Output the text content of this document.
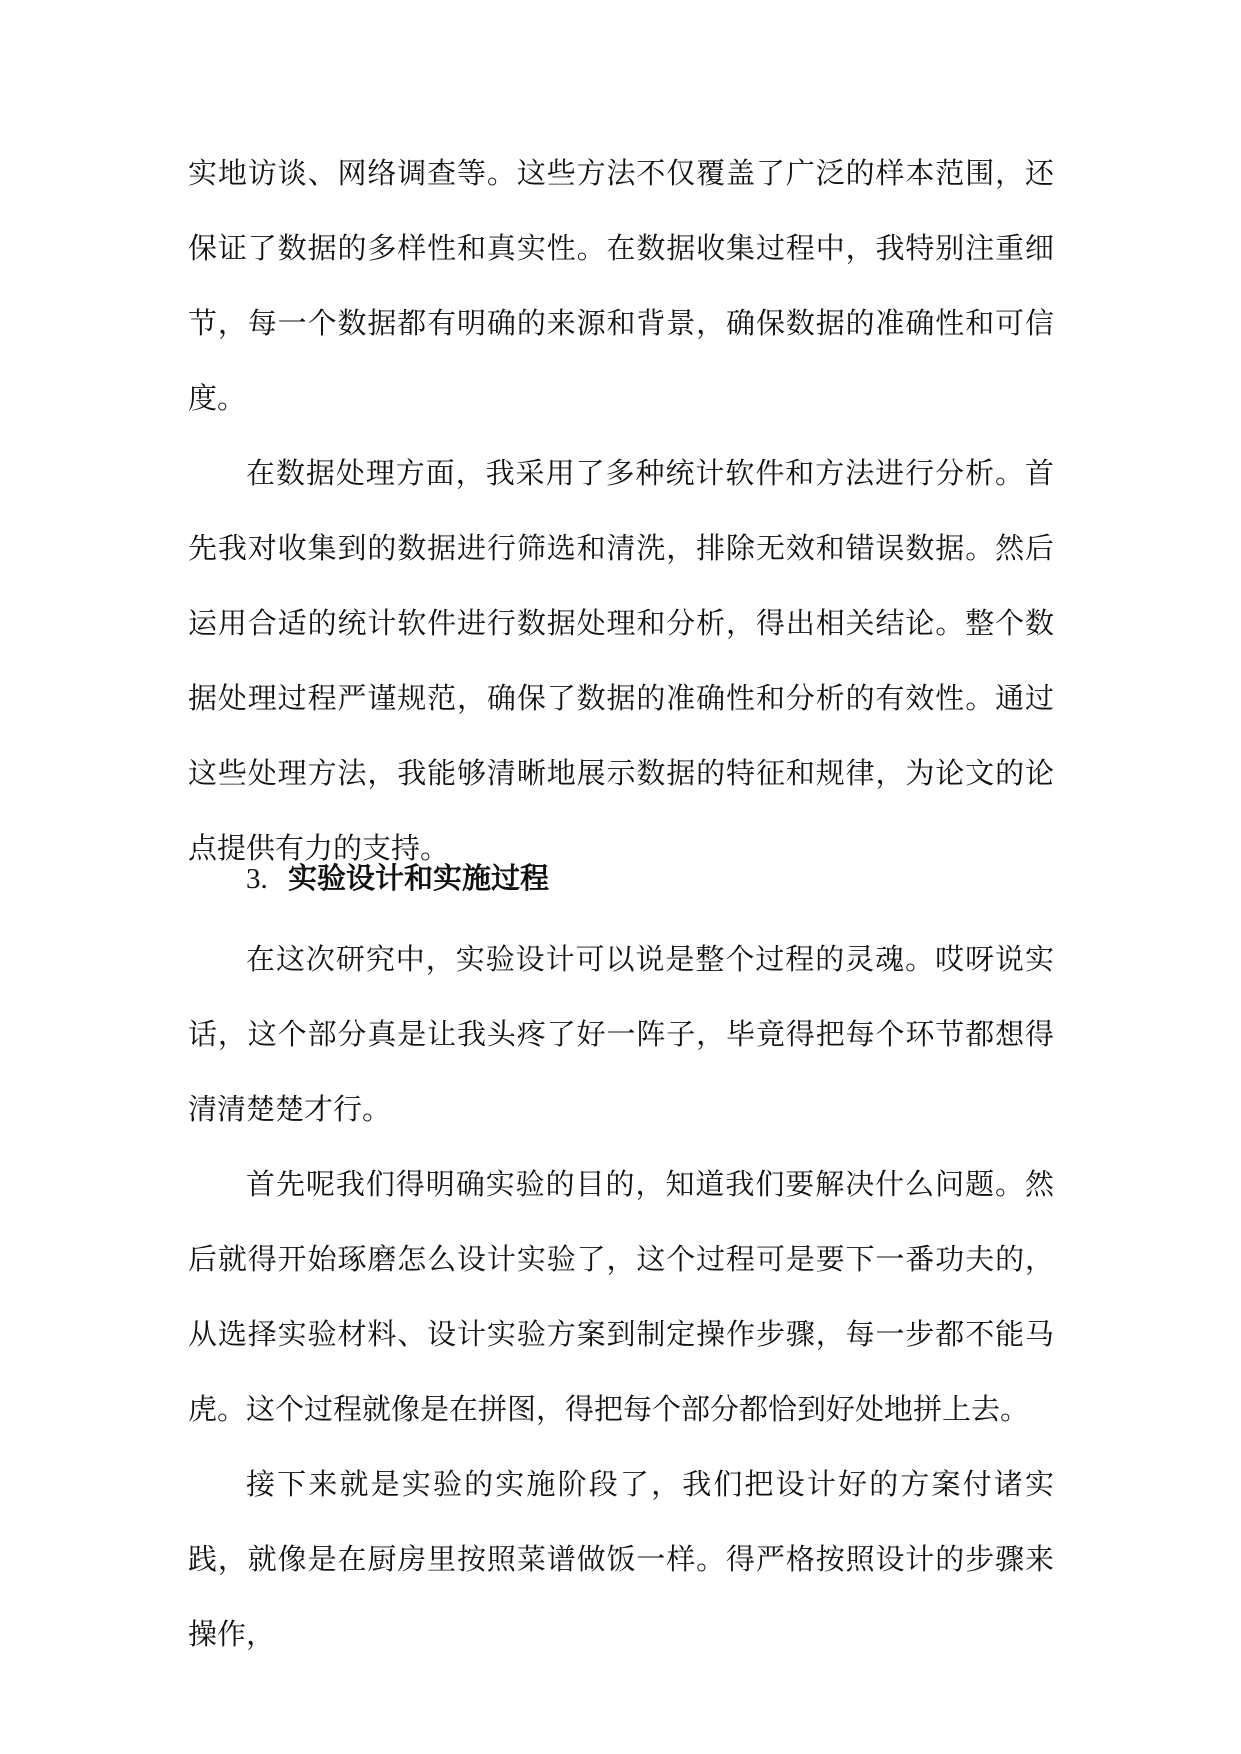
实地访谈、网络调查等。这些方法不仅覆盖了广泛的样本范围，还保证了数据的多样性和真实性。在数据收集过程中，我特别注重细节，每一个数据都有明确的来源和背景，确保数据的准确性和可信度。

在数据处理方面，我采用了多种统计软件和方法进行分析。首先我对收集到的数据进行筛选和清洗，排除无效和错误数据。然后运用合适的统计软件进行数据处理和分析，得出相关结论。整个数据处理过程严谨规范，确保了数据的准确性和分析的有效性。通过这些处理方法，我能够清晰地展示数据的特征和规律，为论文的论点提供有力的支持。

3. 实验设计和实施过程

在这次研究中，实验设计可以说是整个过程的灵魂。哎呀说实话，这个部分真是让我头疼了好一阵子，毕竟得把每个环节都想得清清楚楚才行。

首先呢我们得明确实验的目的，知道我们要解决什么问题。然后就得开始琢磨怎么设计实验了，这个过程可是要下一番功夫的，从选择实验材料、设计实验方案到制定操作步骤，每一步都不能马虎。这个过程就像是在拼图，得把每个部分都恰到好处地拼上去。

接下来就是实验的实施阶段了，我们把设计好的方案付诸实践，就像是在厨房里按照菜谱做饭一样。得严格按照设计的步骤来操作，
